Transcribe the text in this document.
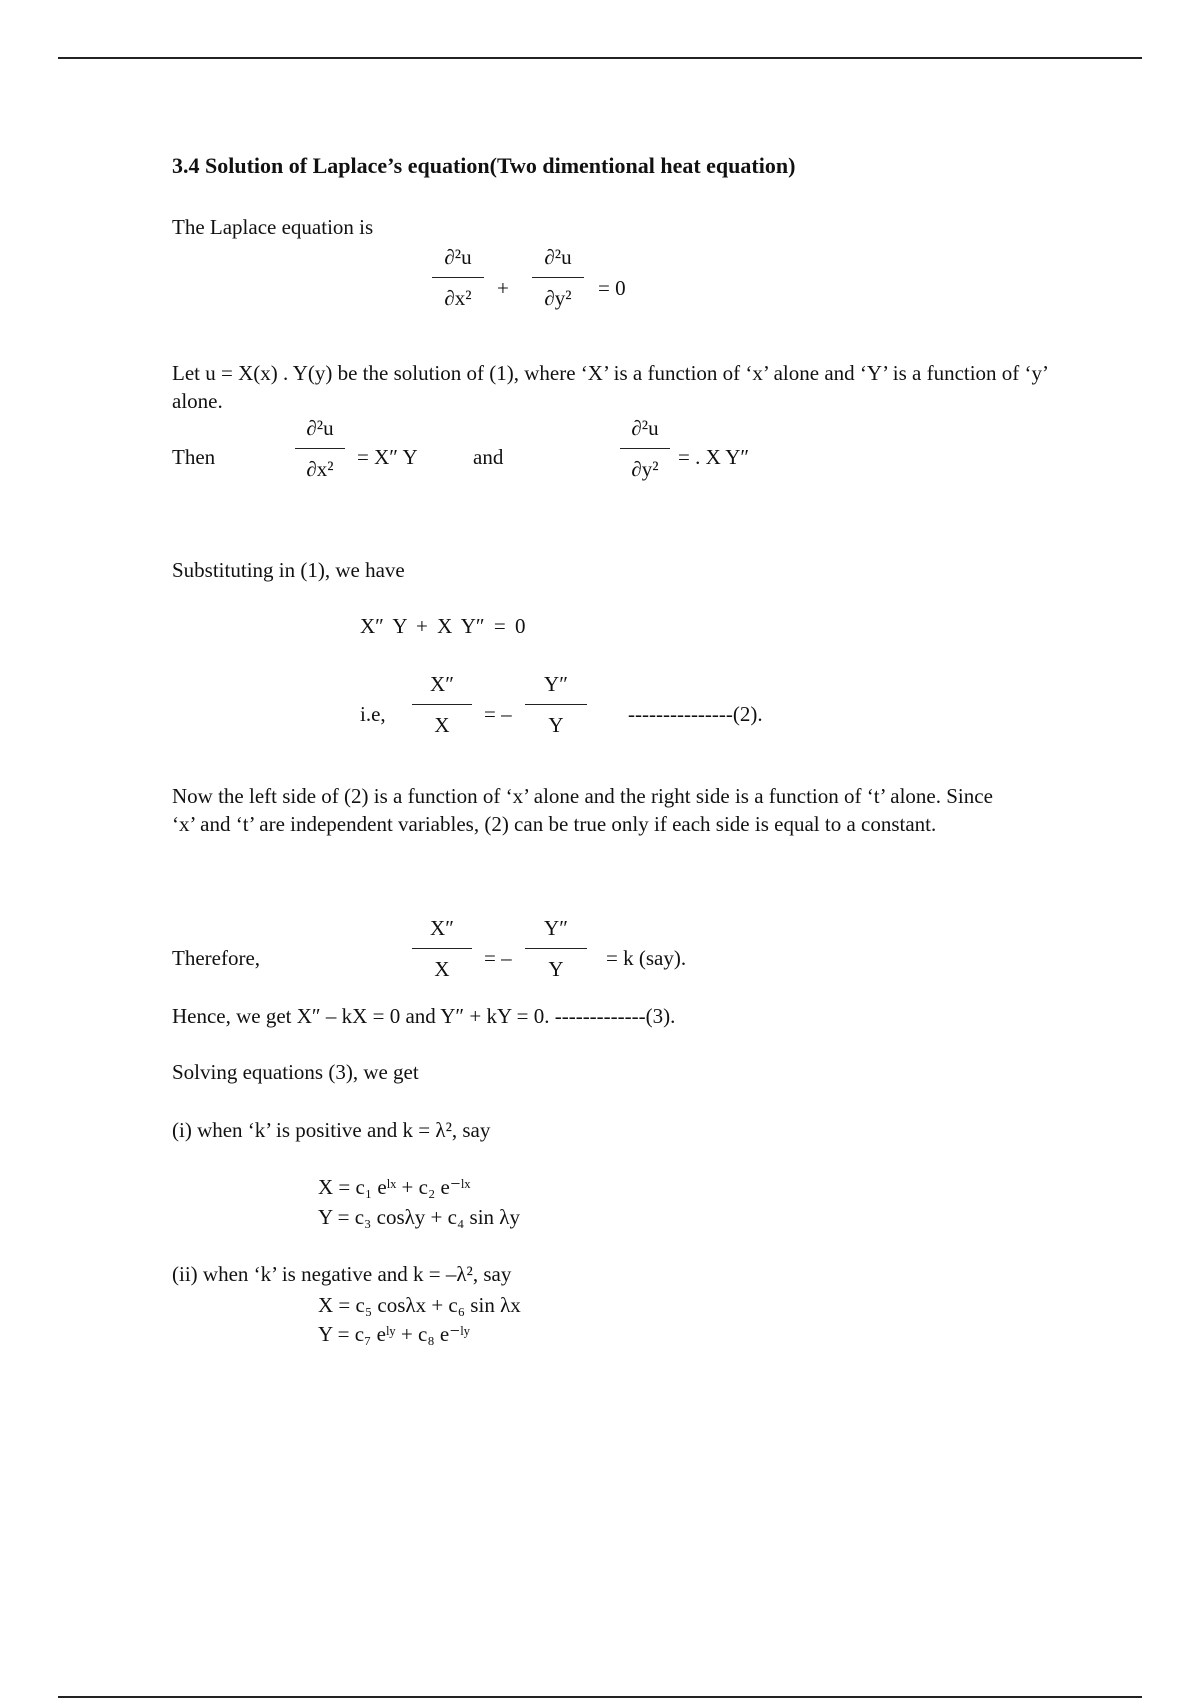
3.4 Solution of Laplace’s equation(Two dimentional heat equation)
The Laplace equation is
∂²u
∂x²	+
∂²u
∂y²	= 0
Let u = X(x) . Y(y) be the solution of (1), where ‘X’ is a function of ‘x’ alone and ‘Y’ is a function of ‘y’ alone.
Then
∂²u
∂x²	= X″ Y	and
∂²u
∂y² = . X Y″
Substituting in (1), we have
X″ Y + X Y″ = 0
i.e,
X″
X	= –
Y″
Y	---------------(2).
Now the left side of (2) is a function of ‘x’ alone and the right side is a function of ‘t’ alone. Since ‘x’ and ‘t’ are independent variables, (2) can be true only if each side is equal to a constant.
Therefore,
X″
X	= –
Y″
Y	= k (say).
Hence, we get X″ – kX = 0 and Y″ + kY = 0. -------------(3).
Solving equations (3), we get
(i) when ‘k’ is positive and k = λ², say
X = c₁ eˡˣ + c₂ e⁻ˡˣ
Y = c₃ cosλy + c₄ sin λy
(ii) when ‘k’ is negative and k = –λ², say
X = c₅ cosλx + c₆ sin λx
Y = c₇ eˡʸ + c₈ e⁻ˡʸ
